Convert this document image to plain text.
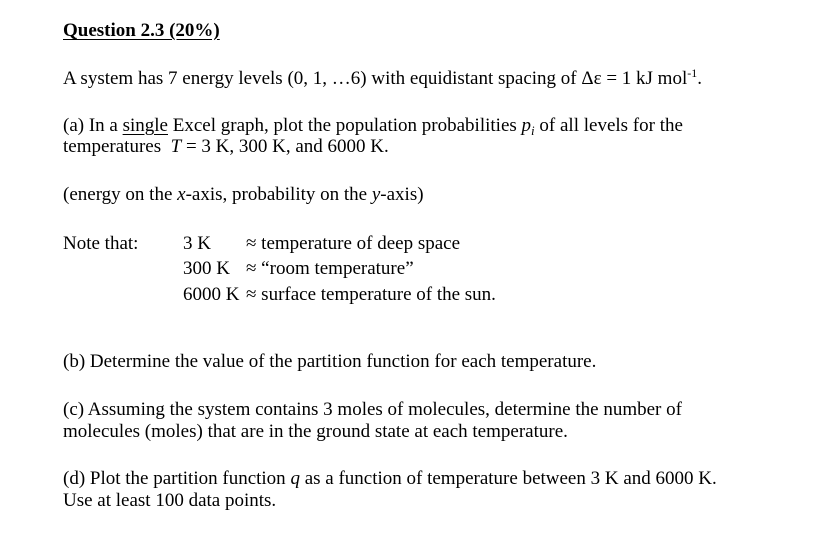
Question 2.3 (20%)
A system has 7 energy levels (0, 1, …6) with equidistant spacing of Δε = 1 kJ mol$^{-1}$.
(a) In a single Excel graph, plot the population probabilities $p_i$ of all levels for the
temperatures  T = 3 K, 300 K, and 6000 K.
(energy on the x-axis, probability on the y-axis)
Note that: 3 K ≈ temperature of deep space
300 K ≈ “room temperature”
6000 K ≈ surface temperature of the sun.
(b) Determine the value of the partition function for each temperature.
(c) Assuming the system contains 3 moles of molecules, determine the number of
molecules (moles) that are in the ground state at each temperature.
(d) Plot the partition function q as a function of temperature between 3 K and 6000 K.
Use at least 100 data points.
